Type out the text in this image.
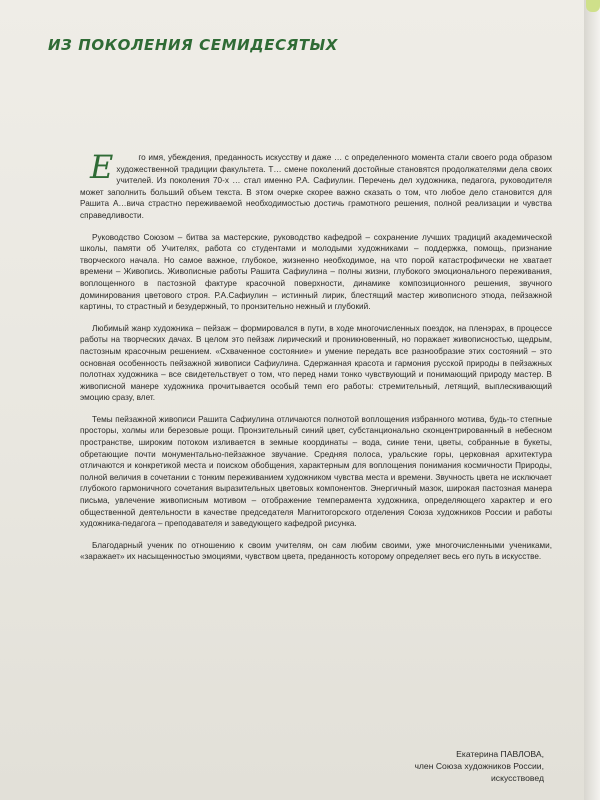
ИЗ ПОКОЛЕНИЯ СЕМИДЕСЯТЫХ

Е	го имя, убеждения, преданность искусству и даже … с определенного момента стали своего рода образом художественной традиции факультета. Т… смене поколений достойные становятся продолжателями дела своих учителей. Из поколения 70-х … стал именно Р.А. Сафиулин. Перечень дел художника, педагога, руководителя может заполнить больший объем текста. В этом очерке скорее важно сказать о том, что любое дело становится для Рашита А…вича страстно переживаемой необходимостью достичь грамотного решения, полной реализации и чувства справедливости.

Руководство Союзом – битва за мастерские, руководство кафедрой – сохранение лучших традиций академической школы, памяти об Учителях, работа со студентами и молодыми художниками – поддержка, помощь, признание творческого начала. Но самое важное, глубокое, жизненно необходимое, на что порой катастрофически не хватает времени – Живопись. Живописные работы Рашита Сафиулина – полны жизни, глубокого эмоционального переживания, воплощенного в пастозной фактуре красочной поверхности, динамике композиционного решения, звучного доминирования цветового строя. Р.А.Сафиулин – истинный лирик, блестящий мастер живописного этюда, пейзажной картины, то страстный и безудержный, то пронзительно нежный и глубокий.

Любимый жанр художника – пейзаж – формировался в пути, в ходе многочисленных поездок, на пленэрах, в процессе работы на творческих дачах. В целом это пейзаж лирический и проникновенный, но поражает живописностью, щедрым, пастозным красочным решением. «Схваченное состояние» и умение передать все разнообразие этих состояний – это основная особенность пейзажной живописи Сафиулина. Сдержанная красота и гармония русской природы в пейзажных полотнах художника – все свидетельствует о том, что перед нами тонко чувствующий и понимающий природу мастер. В живописной манере художника прочитывается особый темп его работы: стремительный, летящий, выплескивающий эмоцию сразу, влет.

Темы пейзажной живописи Рашита Сафиулина отличаются полнотой воплощения избранного мотива, будь-то степные просторы, холмы или березовые рощи. Пронзительный синий цвет, субстанционально сконцентрированный в небесном пространстве, широким потоком изливается в земные координаты – вода, синие тени, цветы, собранные в букеты, обретающие почти монументально-пейзажное звучание. Средняя полоса, уральские горы, церковная архитектура отличаются и конкретикой места и поиском обобщения, характерным для воплощения понимания космичности Природы, полной величия в сочетании с тонким переживанием художником чувства места и времени. Звучность цвета не исключает глубокого гармоничного сочетания выразительных цветовых компонентов. Энергичный мазок, широкая пастозная манера письма, увлечение живописным мотивом – отображение темперамента художника, определяющего характер и его общественной деятельности в качестве председателя Магнитогорского отделения Союза художников России и работы художника-педагога – преподавателя и заведующего кафедрой рисунка.

Благодарный ученик по отношению к своим учителям, он сам любим своими, уже многочисленными учениками, «заражает» их насыщенностью эмоциями, чувством цвета, преданность которому определяет весь его путь в искусстве.

Екатерина ПАВЛОВА,
член Союза художников России,
искусствовед
